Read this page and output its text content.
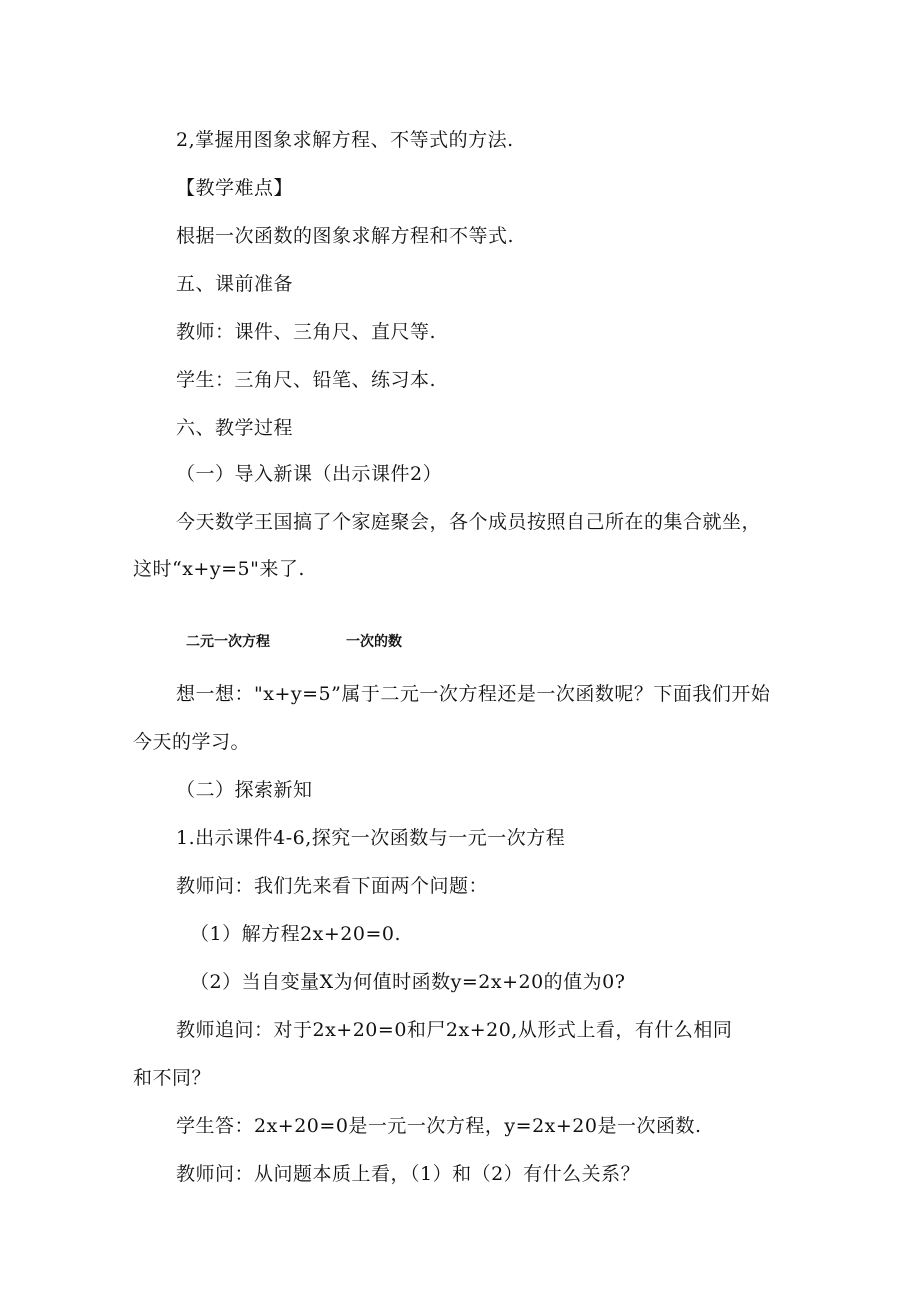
2,掌握用图象求解方程、不等式的方法.
【教学难点】
根据一次函数的图象求解方程和不等式.
五、课前准备
教师：课件、三角尺、直尺等.
学生：三角尺、铅笔、练习本.
六、教学过程
（一）导入新课（出示课件2）
今天数学王国搞了个家庭聚会，各个成员按照自己所在的集合就坐，
这时“x+y=5"来了.
二元一次方程	一次的数
想一想："x+y=5”属于二元一次方程还是一次函数呢？下面我们开始
今天的学习。
（二）探索新知
1.出示课件4-6,探究一次函数与一元一次方程
教师问：我们先来看下面两个问题：
（1）解方程2x+20=0.
（2）当自变量X为何值时函数y=2x+20的值为0?
教师追问：对于2x+20=0和尸2x+20,从形式上看，有什么相同
和不同？
学生答：2x+20=0是一元一次方程，y=2x+20是一次函数.
教师问：从问题本质上看，（1）和（2）有什么关系？
